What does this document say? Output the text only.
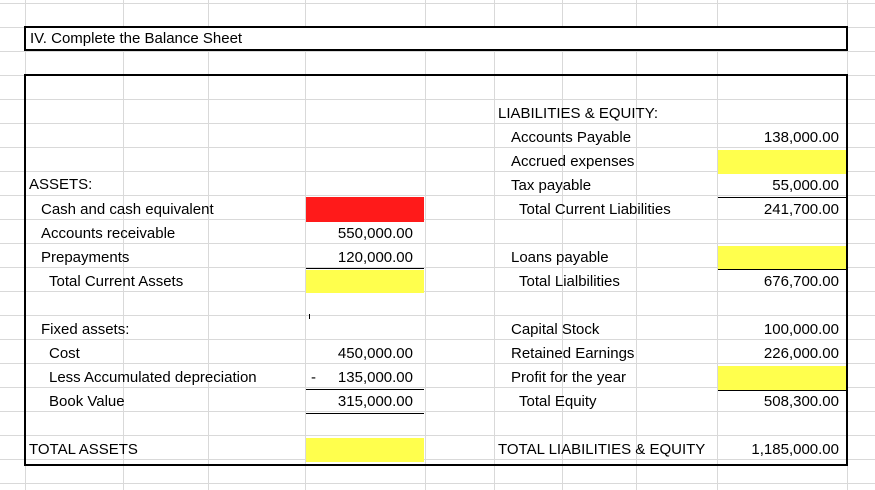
IV. Complete the Balance Sheet
ASSETS:
Cash and cash equivalent
Accounts receivable	550,000.00
Prepayments	120,000.00
Total Current Assets
Fixed assets:
Cost	450,000.00
Less Accumulated depreciation	-	135,000.00
Book Value	315,000.00
TOTAL ASSETS
LIABILITIES & EQUITY:
Accounts Payable	138,000.00
Accrued expenses
Tax payable	55,000.00
Total Current Liabilities	241,700.00
Loans payable
Total Lialbilities	676,700.00
Capital Stock	100,000.00
Retained Earnings	226,000.00
Profit for the year
Total Equity	508,300.00
TOTAL LIABILITIES & EQUITY	1,185,000.00
